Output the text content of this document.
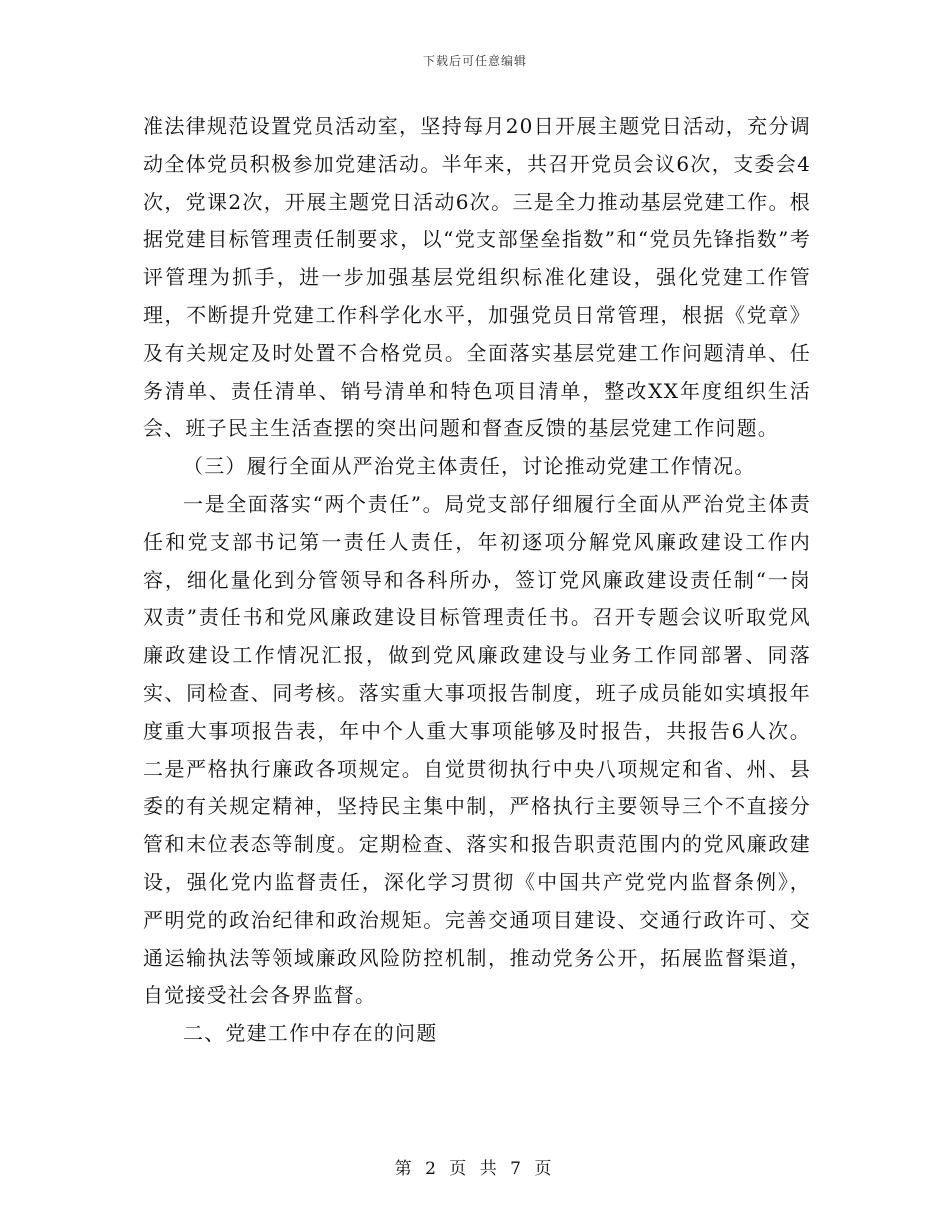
下载后可任意编辑

准法律规范设置党员活动室，坚持每月20日开展主题党日活动，充分调动全体党员积极参加党建活动。半年来，共召开党员会议6次，支委会4次，党课2次，开展主题党日活动6次。三是全力推动基层党建工作。根据党建目标管理责任制要求，以“党支部堡垒指数”和“党员先锋指数”考评管理为抓手，进一步加强基层党组织标准化建设，强化党建工作管理，不断提升党建工作科学化水平，加强党员日常管理，根据《党章》及有关规定及时处置不合格党员。全面落实基层党建工作问题清单、任务清单、责任清单、销号清单和特色项目清单，整改XX年度组织生活会、班子民主生活查摆的突出问题和督查反馈的基层党建工作问题。

（三）履行全面从严治党主体责任，讨论推动党建工作情况。

一是全面落实“两个责任”。局党支部仔细履行全面从严治党主体责任和党支部书记第一责任人责任，年初逐项分解党风廉政建设工作内容，细化量化到分管领导和各科所办，签订党风廉政建设责任制“一岗双责”责任书和党风廉政建设目标管理责任书。召开专题会议听取党风廉政建设工作情况汇报，做到党风廉政建设与业务工作同部署、同落实、同检查、同考核。落实重大事项报告制度，班子成员能如实填报年度重大事项报告表，年中个人重大事项能够及时报告，共报告6人次。二是严格执行廉政各项规定。自觉贯彻执行中央八项规定和省、州、县委的有关规定精神，坚持民主集中制，严格执行主要领导三个不直接分管和末位表态等制度。定期检查、落实和报告职责范围内的党风廉政建设，强化党内监督责任，深化学习贯彻《中国共产党党内监督条例》，严明党的政治纪律和政治规矩。完善交通项目建设、交通行政许可、交通运输执法等领域廉政风险防控机制，推动党务公开，拓展监督渠道，自觉接受社会各界监督。

二、党建工作中存在的问题

第 2 页 共 7 页
